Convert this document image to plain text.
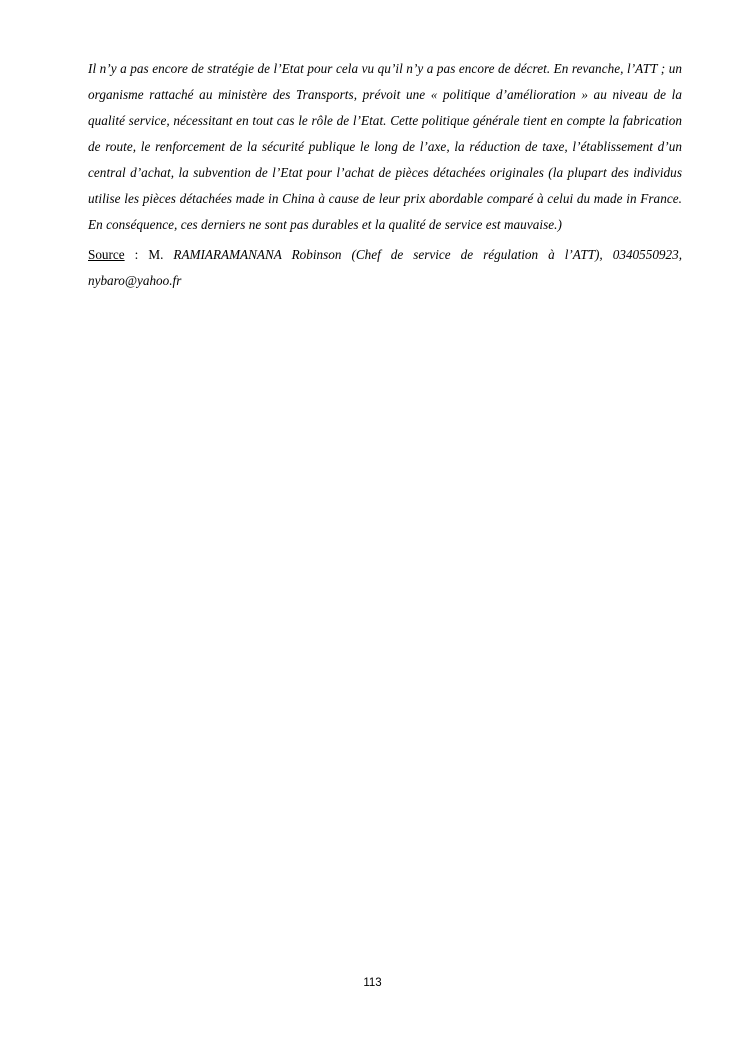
Il n’y a pas encore de stratégie de l’Etat pour cela vu qu’il n’y a pas encore de décret. En revanche, l’ATT ; un organisme rattaché au ministère des Transports, prévoit une « politique d’amélioration » au niveau de la qualité service, nécessitant en tout cas le rôle de l’Etat. Cette politique générale tient en compte la fabrication de route, le renforcement de la sécurité publique le long de l’axe, la réduction de taxe, l’établissement d’un central d’achat, la subvention de l’Etat pour l’achat de pièces détachées originales (la plupart des individus utilise les pièces détachées made in China à cause de leur prix abordable comparé à celui du made in France. En conséquence, ces derniers ne sont pas durables et la qualité de service est mauvaise.)

Source : M. RAMIARAMANANA Robinson (Chef de service de régulation à l’ATT), 0340550923, nybaro@yahoo.fr

113
